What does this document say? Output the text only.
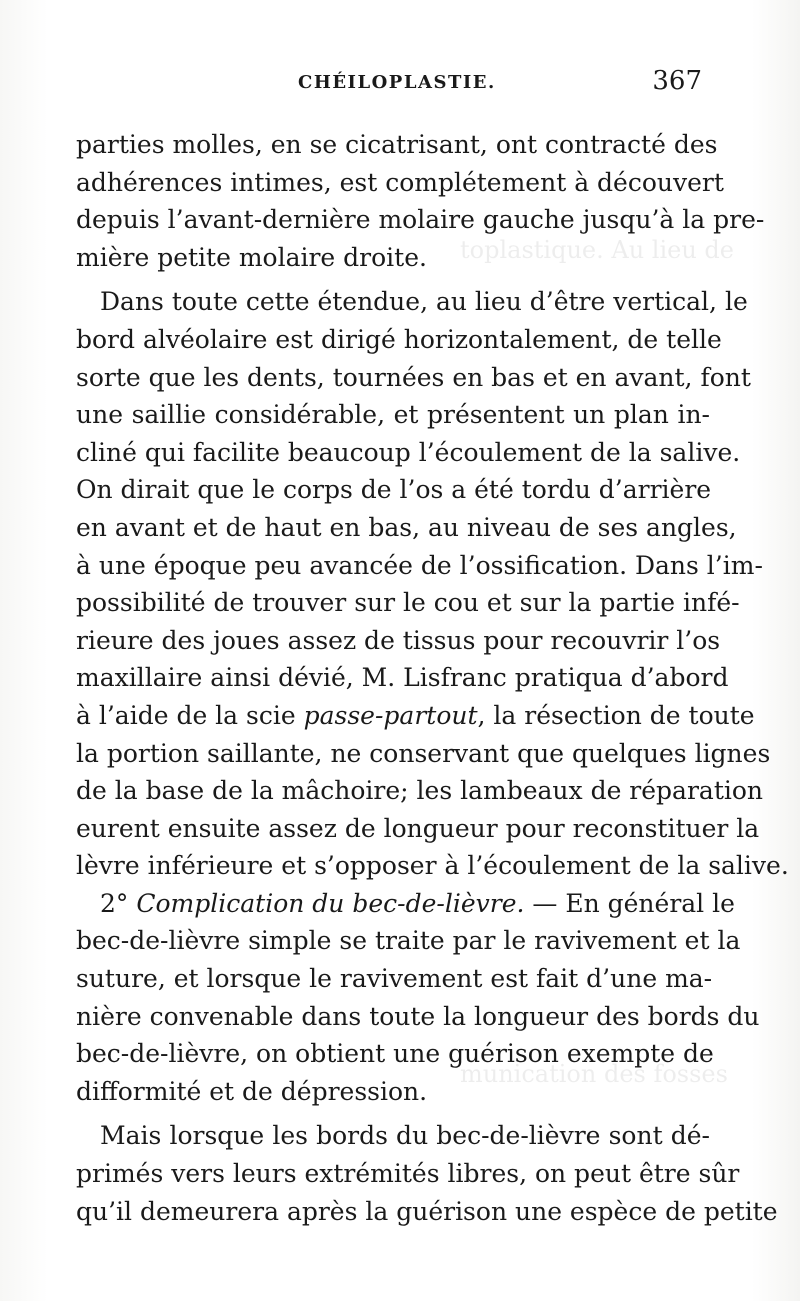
toplastique. Au lieu de
munication des fosses
CHÉILOPLASTIE.	367
parties molles, en se cicatrisant, ont contracté des
adhérences intimes, est complétement à découvert
depuis l’avant-dernière molaire gauche jusqu’à la pre-
mière petite molaire droite.
Dans toute cette étendue, au lieu d’être vertical, le
bord alvéolaire est dirigé horizontalement, de telle
sorte que les dents, tournées en bas et en avant, font
une saillie considérable, et présentent un plan in-
cliné qui facilite beaucoup l’écoulement de la salive.
On dirait que le corps de l’os a été tordu d’arrière
en avant et de haut en bas, au niveau de ses angles,
à une époque peu avancée de l’ossification. Dans l’im-
possibilité de trouver sur le cou et sur la partie infé-
rieure des joues assez de tissus pour recouvrir l’os
maxillaire ainsi dévié, M. Lisfranc pratiqua d’abord
à l’aide de la scie passe-partout, la résection de toute
la portion saillante, ne conservant que quelques lignes
de la base de la mâchoire; les lambeaux de réparation
eurent ensuite assez de longueur pour reconstituer la
lèvre inférieure et s’opposer à l’écoulement de la salive.
2° Complication du bec-de-lièvre. — En général le
bec-de-lièvre simple se traite par le ravivement et la
suture, et lorsque le ravivement est fait d’une ma-
nière convenable dans toute la longueur des bords du
bec-de-lièvre, on obtient une guérison exempte de
difformité et de dépression.
Mais lorsque les bords du bec-de-lièvre sont dé-
primés vers leurs extrémités libres, on peut être sûr
qu’il demeurera après la guérison une espèce de petite
